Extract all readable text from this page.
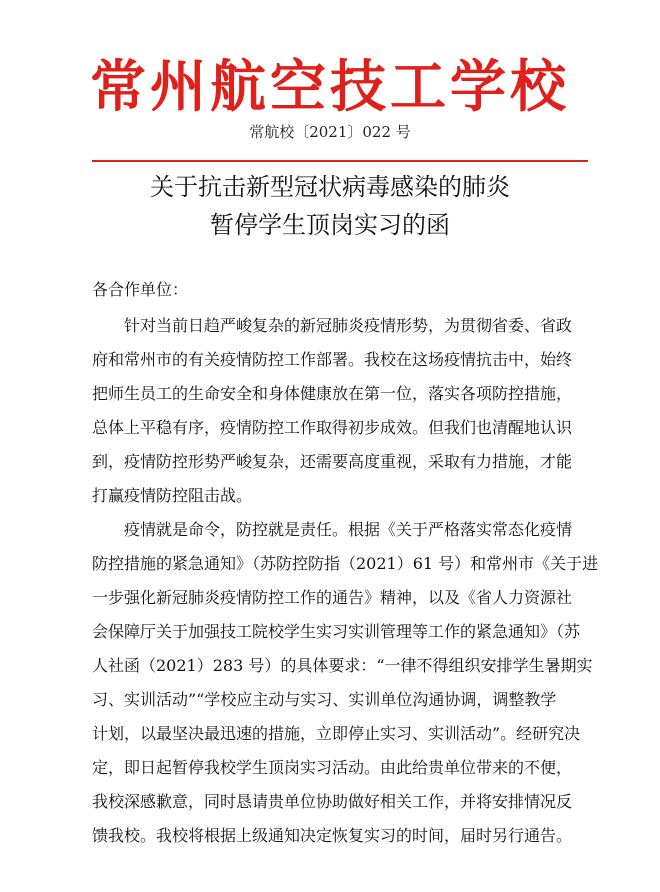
常州航空技工学校
常航校〔2021〕022 号
关于抗击新型冠状病毒感染的肺炎
暂停学生顶岗实习的函
各合作单位：
　　针对当前日趋严峻复杂的新冠肺炎疫情形势，为贯彻省委、省政
府和常州市的有关疫情防控工作部署。我校在这场疫情抗击中，始终
把师生员工的生命安全和身体健康放在第一位，落实各项防控措施，
总体上平稳有序，疫情防控工作取得初步成效。但我们也清醒地认识
到，疫情防控形势严峻复杂，还需要高度重视，采取有力措施，才能
打赢疫情防控阻击战。
　　疫情就是命令，防控就是责任。根据《关于严格落实常态化疫情
防控措施的紧急通知》（苏防控防指（2021）61 号）和常州市《关于进
一步强化新冠肺炎疫情防控工作的通告》精神，以及《省人力资源社
会保障厅关于加强技工院校学生实习实训管理等工作的紧急通知》（苏
人社函（2021）283 号）的具体要求：“一律不得组织安排学生暑期实
习、实训活动”“学校应主动与实习、实训单位沟通协调，调整教学
计划，以最坚决最迅速的措施，立即停止实习、实训活动”。经研究决
定，即日起暂停我校学生顶岗实习活动。由此给贵单位带来的不便，
我校深感歉意，同时恳请贵单位协助做好相关工作，并将安排情况反
馈我校。我校将根据上级通知决定恢复实习的时间，届时另行通告。
